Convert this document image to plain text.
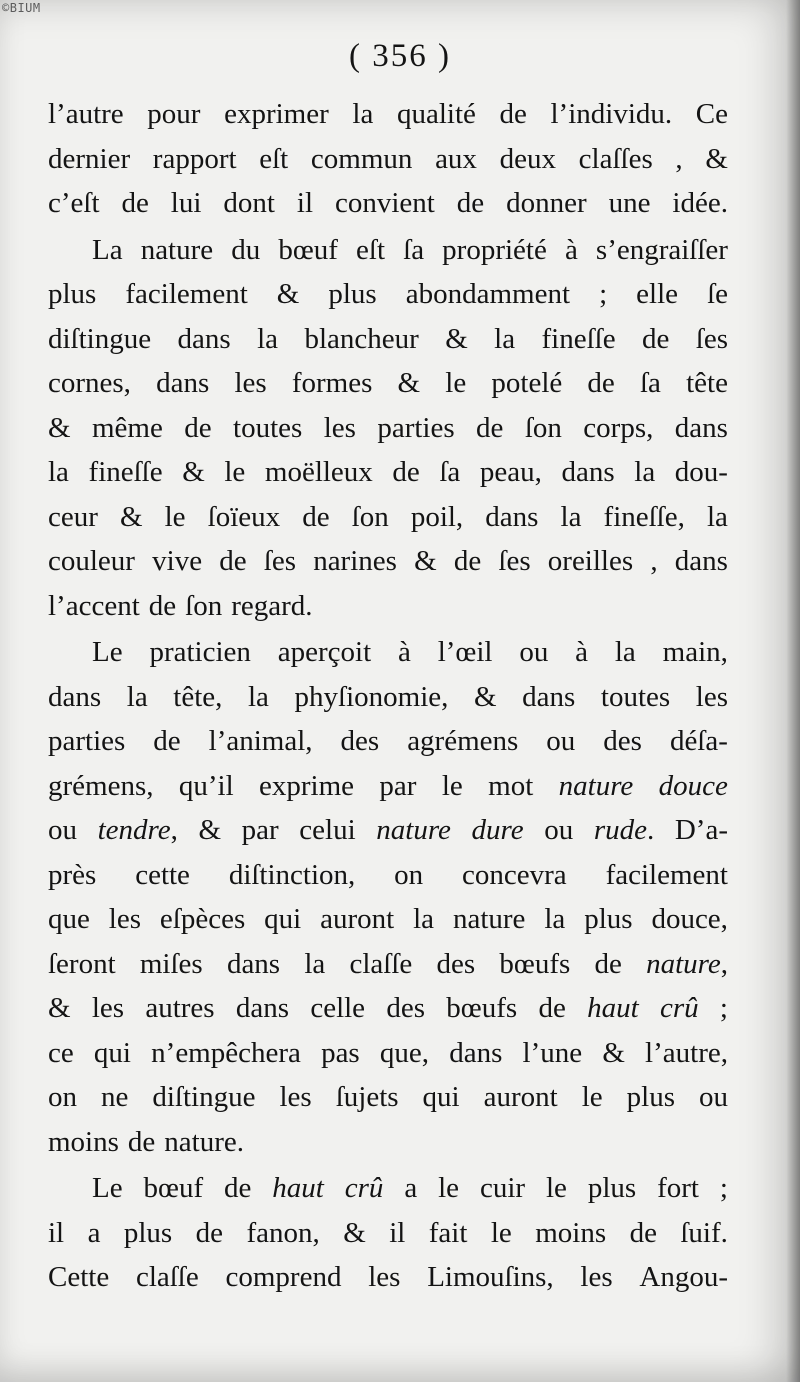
©BIUM
( 356 )
l’autre pour exprimer la qualité de l’individu. Ce
dernier rapport eſt commun aux deux claſſes , &
c’eſt de lui dont il convient de donner une idée.
La nature du bœuf eſt ſa propriété à s’engraiſſer
plus facilement & plus abondamment ; elle ſe
diſtingue dans la blancheur & la fineſſe de ſes
cornes, dans les formes & le potelé de ſa tête
& même de toutes les parties de ſon corps, dans
la fineſſe & le moëlleux de ſa peau, dans la dou-
ceur & le ſoïeux de ſon poil, dans la fineſſe, la
couleur vive de ſes narines & de ſes oreilles , dans
l’accent de ſon regard.
Le praticien aperçoit à l’œil ou à la main,
dans la tête, la phyſionomie, & dans toutes les
parties de l’animal, des agrémens ou des déſa-
grémens, qu’il exprime par le mot nature douce
ou tendre, & par celui nature dure ou rude. D’a-
près cette diſtinction, on concevra facilement
que les eſpèces qui auront la nature la plus douce,
ſeront miſes dans la claſſe des bœufs de nature,
& les autres dans celle des bœufs de haut crû ;
ce qui n’empêchera pas que, dans l’une & l’autre,
on ne diſtingue les ſujets qui auront le plus ou
moins de nature.
Le bœuf de haut crû a le cuir le plus fort ;
il a plus de fanon, & il fait le moins de ſuif.
Cette claſſe comprend les Limouſins, les Angou-
